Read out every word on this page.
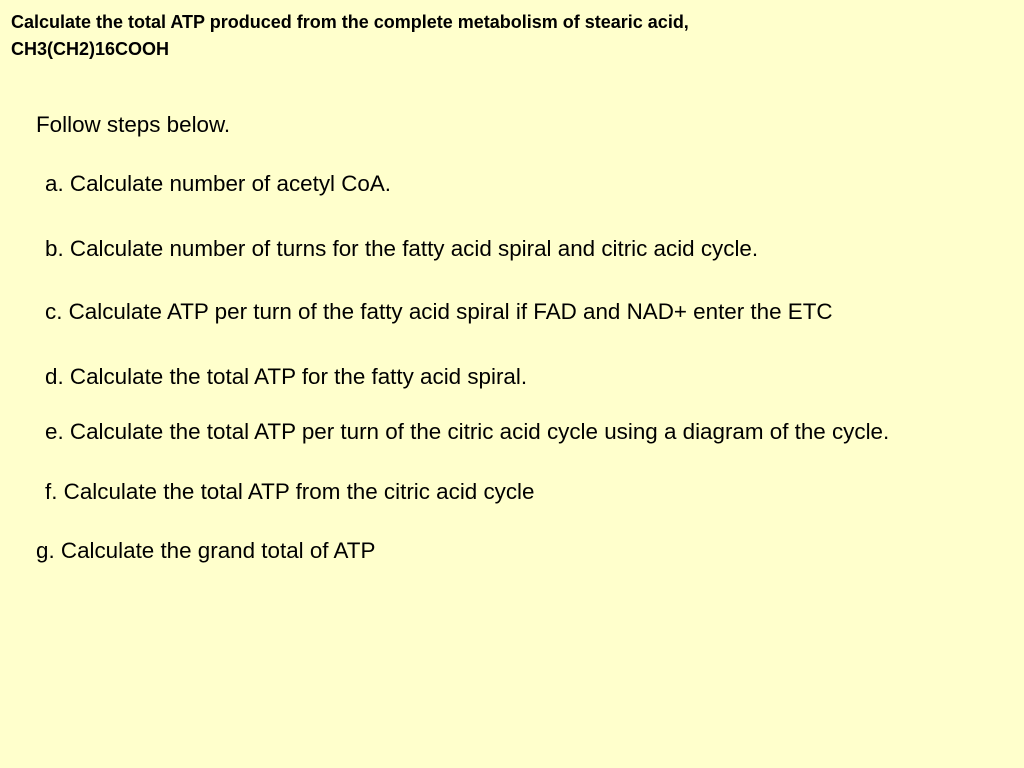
Calculate the total ATP produced from the complete metabolism of stearic acid,
CH3(CH2)16COOH

Follow steps below.

a. Calculate number of acetyl CoA.

b. Calculate number of turns for the fatty acid spiral and citric acid cycle.

c. Calculate ATP per turn of the fatty acid spiral if FAD and NAD+ enter the ETC

d. Calculate the total ATP for the fatty acid spiral.

e. Calculate the total ATP per turn of the citric acid cycle using a diagram of the cycle.

f. Calculate the total ATP from the citric acid cycle

g. Calculate the grand total of ATP
